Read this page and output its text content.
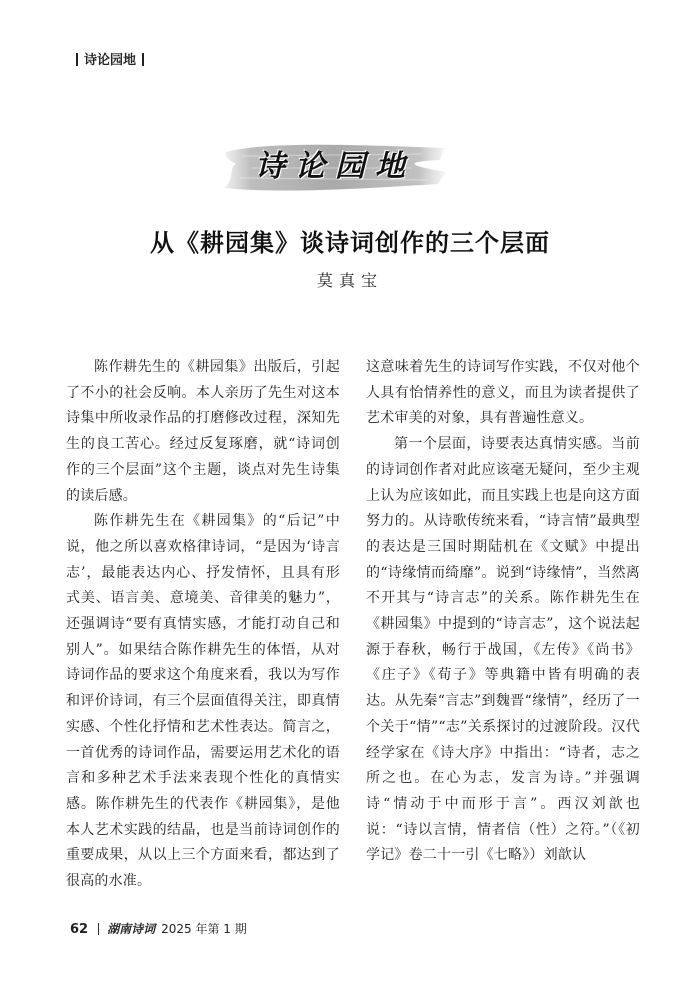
诗论园地
诗论园地
从《耕园集》谈诗词创作的三个层面
莫真宝

陈作耕先生的《耕园集》出版后，引起了不小的社会反响。本人亲历了先生对这本诗集中所收录作品的打磨修改过程，深知先生的良工苦心。经过反复琢磨，就“诗词创作的三个层面”这个主题，谈点对先生诗集的读后感。

陈作耕先生在《耕园集》的“后记”中说，他之所以喜欢格律诗词，“是因为‘诗言志’，最能表达内心、抒发情怀，且具有形式美、语言美、意境美、音律美的魅力”，还强调诗“要有真情实感，才能打动自己和别人”。如果结合陈作耕先生的体悟，从对诗词作品的要求这个角度来看，我以为写作和评价诗词，有三个层面值得关注，即真情实感、个性化抒情和艺术性表达。简言之，一首优秀的诗词作品，需要运用艺术化的语言和多种艺术手法来表现个性化的真情实感。陈作耕先生的代表作《耕园集》，是他本人艺术实践的结晶，也是当前诗词创作的重要成果，从以上三个方面来看，都达到了很高的水准。

这意味着先生的诗词写作实践，不仅对他个人具有怡情养性的意义，而且为读者提供了艺术审美的对象，具有普遍性意义。

第一个层面，诗要表达真情实感。当前的诗词创作者对此应该毫无疑问，至少主观上认为应该如此，而且实践上也是向这方面努力的。从诗歌传统来看，“诗言情”最典型的表达是三国时期陆机在《文赋》中提出的“诗缘情而绮靡”。说到“诗缘情”，当然离不开其与“诗言志”的关系。陈作耕先生在《耕园集》中提到的“诗言志”，这个说法起源于春秋，畅行于战国，《左传》《尚书》《庄子》《荀子》等典籍中皆有明确的表达。从先秦“言志”到魏晋“缘情”，经历了一个关于“情”“志”关系探讨的过渡阶段。汉代经学家在《诗大序》中指出：“诗者，志之所之也。在心为志，发言为诗。”并强调诗“情动于中而形于言”。西汉刘歆也说：“诗以言情，情者信（性）之符。”（《初学记》卷二十一引《七略》）刘歆认

62 湖南诗词 2025 年第 1 期
